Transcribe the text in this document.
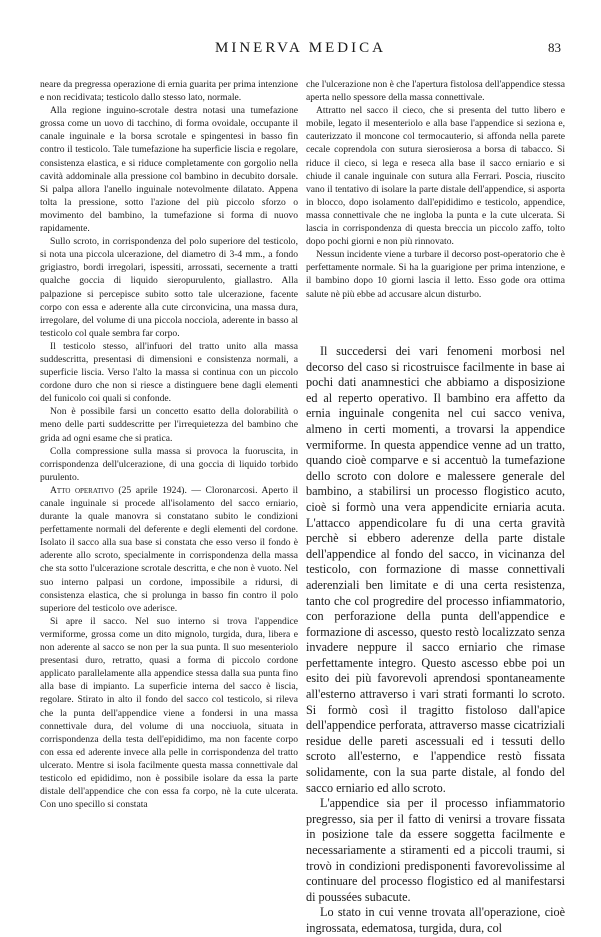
MINERVA MEDICA	83

neare da pregressa operazione di ernia guarita per prima intenzione e non recidivata; testicolo dallo stesso lato, normale.

Alla regione inguino-scrotale destra notasi una tumefazione grossa come un uovo di tacchino, di forma ovoidale, occupante il canale inguinale e la borsa scrotale e spingentesi in basso fin contro il testicolo. Tale tumefazione ha superficie liscia e regolare, consistenza elastica, e si riduce completamente con gorgolio nella cavità addominale alla pressione col bambino in decubito dorsale. Si palpa allora l'anello inguinale notevolmente dilatato. Appena tolta la pressione, sotto l'azione del più piccolo sforzo o movimento del bambino, la tumefazione si forma di nuovo rapidamente.

Sullo scroto, in corrispondenza del polo superiore del testicolo, si nota una piccola ulcerazione, del diametro di 3-4 mm., a fondo grigiastro, bordi irregolari, ispessiti, arrossati, secernente a tratti qualche goccia di liquido sieropurulento, giallastro. Alla palpazione si percepisce subito sotto tale ulcerazione, facente corpo con essa e aderente alla cute circonvicina, una massa dura, irregolare, del volume di una piccola nocciola, aderente in basso al testicolo col quale sembra far corpo.

Il testicolo stesso, all'infuori del tratto unito alla massa suddescritta, presentasi di dimensioni e consistenza normali, a superficie liscia. Verso l'alto la massa si continua con un piccolo cordone duro che non si riesce a distinguere bene dagli elementi del funicolo coi quali si confonde.

Non è possibile farsi un concetto esatto della dolorabilità o meno delle parti suddescritte per l'irrequietezza del bambino che grida ad ogni esame che si pratica.

Colla compressione sulla massa si provoca la fuoruscita, in corrispondenza dell'ulcerazione, di una goccia di liquido torbido purulento.

Atto operativo (25 aprile 1924). — Cloronarcosi. Aperto il canale inguinale si procede all'isolamento del sacco erniario, durante la quale manovra si constatano subito le condizioni perfettamente normali del deferente e degli elementi del cordone. Isolato il sacco alla sua base si constata che esso verso il fondo è aderente allo scroto, specialmente in corrispondenza della massa che sta sotto l'ulcerazione scrotale descritta, e che non è vuoto. Nel suo interno palpasi un cordone, impossibile a ridursi, di consistenza elastica, che si prolunga in basso fin contro il polo superiore del testicolo ove aderisce.

Si apre il sacco. Nel suo interno si trova l'appendice vermiforme, grossa come un dito mignolo, turgida, dura, libera e non aderente al sacco se non per la sua punta. Il suo mesenteriolo presentasi duro, retratto, quasi a forma di piccolo cordone applicato parallelamente alla appendice stessa dalla sua punta fino alla base di impianto. La superficie interna del sacco è liscia, regolare. Stirato in alto il fondo del sacco col testicolo, si rileva che la punta dell'appendice viene a fondersi in una massa connettivale dura, del volume di una nocciuola, situata in corrispondenza della testa dell'epididimo, ma non facente corpo con essa ed aderente invece alla pelle in corrispondenza del tratto ulcerato. Mentre si isola facilmente questa massa connettivale dal testicolo ed epididimo, non è possibile isolare da essa la parte distale dell'appendice che con essa fa corpo, nè la cute ulcerata. Con uno specillo si constata

che l'ulcerazione non è che l'apertura fistolosa dell'appendice stessa aperta nello spessore della massa connettivale.

Attratto nel sacco il cieco, che si presenta del tutto libero e mobile, legato il mesenteriolo e alla base l'appendice si seziona e, cauterizzato il moncone col termocauterio, si affonda nella parete cecale coprendola con sutura sierosierosa a borsa di tabacco. Si riduce il cieco, si lega e reseca alla base il sacco erniario e si chiude il canale inguinale con sutura alla Ferrari. Poscia, riuscito vano il tentativo di isolare la parte distale dell'appendice, si asporta in blocco, dopo isolamento dall'epididimo e testicolo, appendice, massa connettivale che ne ingloba la punta e la cute ulcerata. Si lascia in corrispondenza di questa breccia un piccolo zaffo, tolto dopo pochi giorni e non più rinnovato.

Nessun incidente viene a turbare il decorso post-operatorio che è perfettamente normale. Si ha la guarigione per prima intenzione, e il bambino dopo 10 giorni lascia il letto. Esso gode ora ottima salute nè più ebbe ad accusare alcun disturbo.

Il succedersi dei vari fenomeni morbosi nel decorso del caso si ricostruisce facilmente in base ai pochi dati anamnestici che abbiamo a disposizione ed al reperto operativo. Il bambino era affetto da ernia inguinale congenita nel cui sacco veniva, almeno in certi momenti, a trovarsi la appendice vermiforme. In questa appendice venne ad un tratto, quando cioè comparve e si accentuò la tumefazione dello scroto con dolore e malessere generale del bambino, a stabilirsi un processo flogistico acuto, cioè si formò una vera appendicite erniaria acuta. L'attacco appendicolare fu di una certa gravità perchè si ebbero aderenze della parte distale dell'appendice al fondo del sacco, in vicinanza del testicolo, con formazione di masse connettivali aderenziali ben limitate e di una certa resistenza, tanto che col progredire del processo infiammatorio, con perforazione della punta dell'appendice e formazione di ascesso, questo restò localizzato senza invadere neppure il sacco erniario che rimase perfettamente integro. Questo ascesso ebbe poi un esito dei più favorevoli aprendosi spontaneamente all'esterno attraverso i vari strati formanti lo scroto. Si formò così il tragitto fistoloso dall'apice dell'appendice perforata, attraverso masse cicatriziali residue delle pareti ascessuali ed i tessuti dello scroto all'esterno, e l'appendice restò fissata solidamente, con la sua parte distale, al fondo del sacco erniario ed allo scroto.

L'appendice sia per il processo infiammatorio pregresso, sia per il fatto di venirsi a trovare fissata in posizione tale da essere soggetta facilmente e necessariamente a stiramenti ed a piccoli traumi, si trovò in condizioni predisponenti favorevolissime al continuare del processo flogistico ed al manifestarsi di poussées subacute.

Lo stato in cui venne trovata all'operazione, cioè ingrossata, edematosa, turgida, dura, col
